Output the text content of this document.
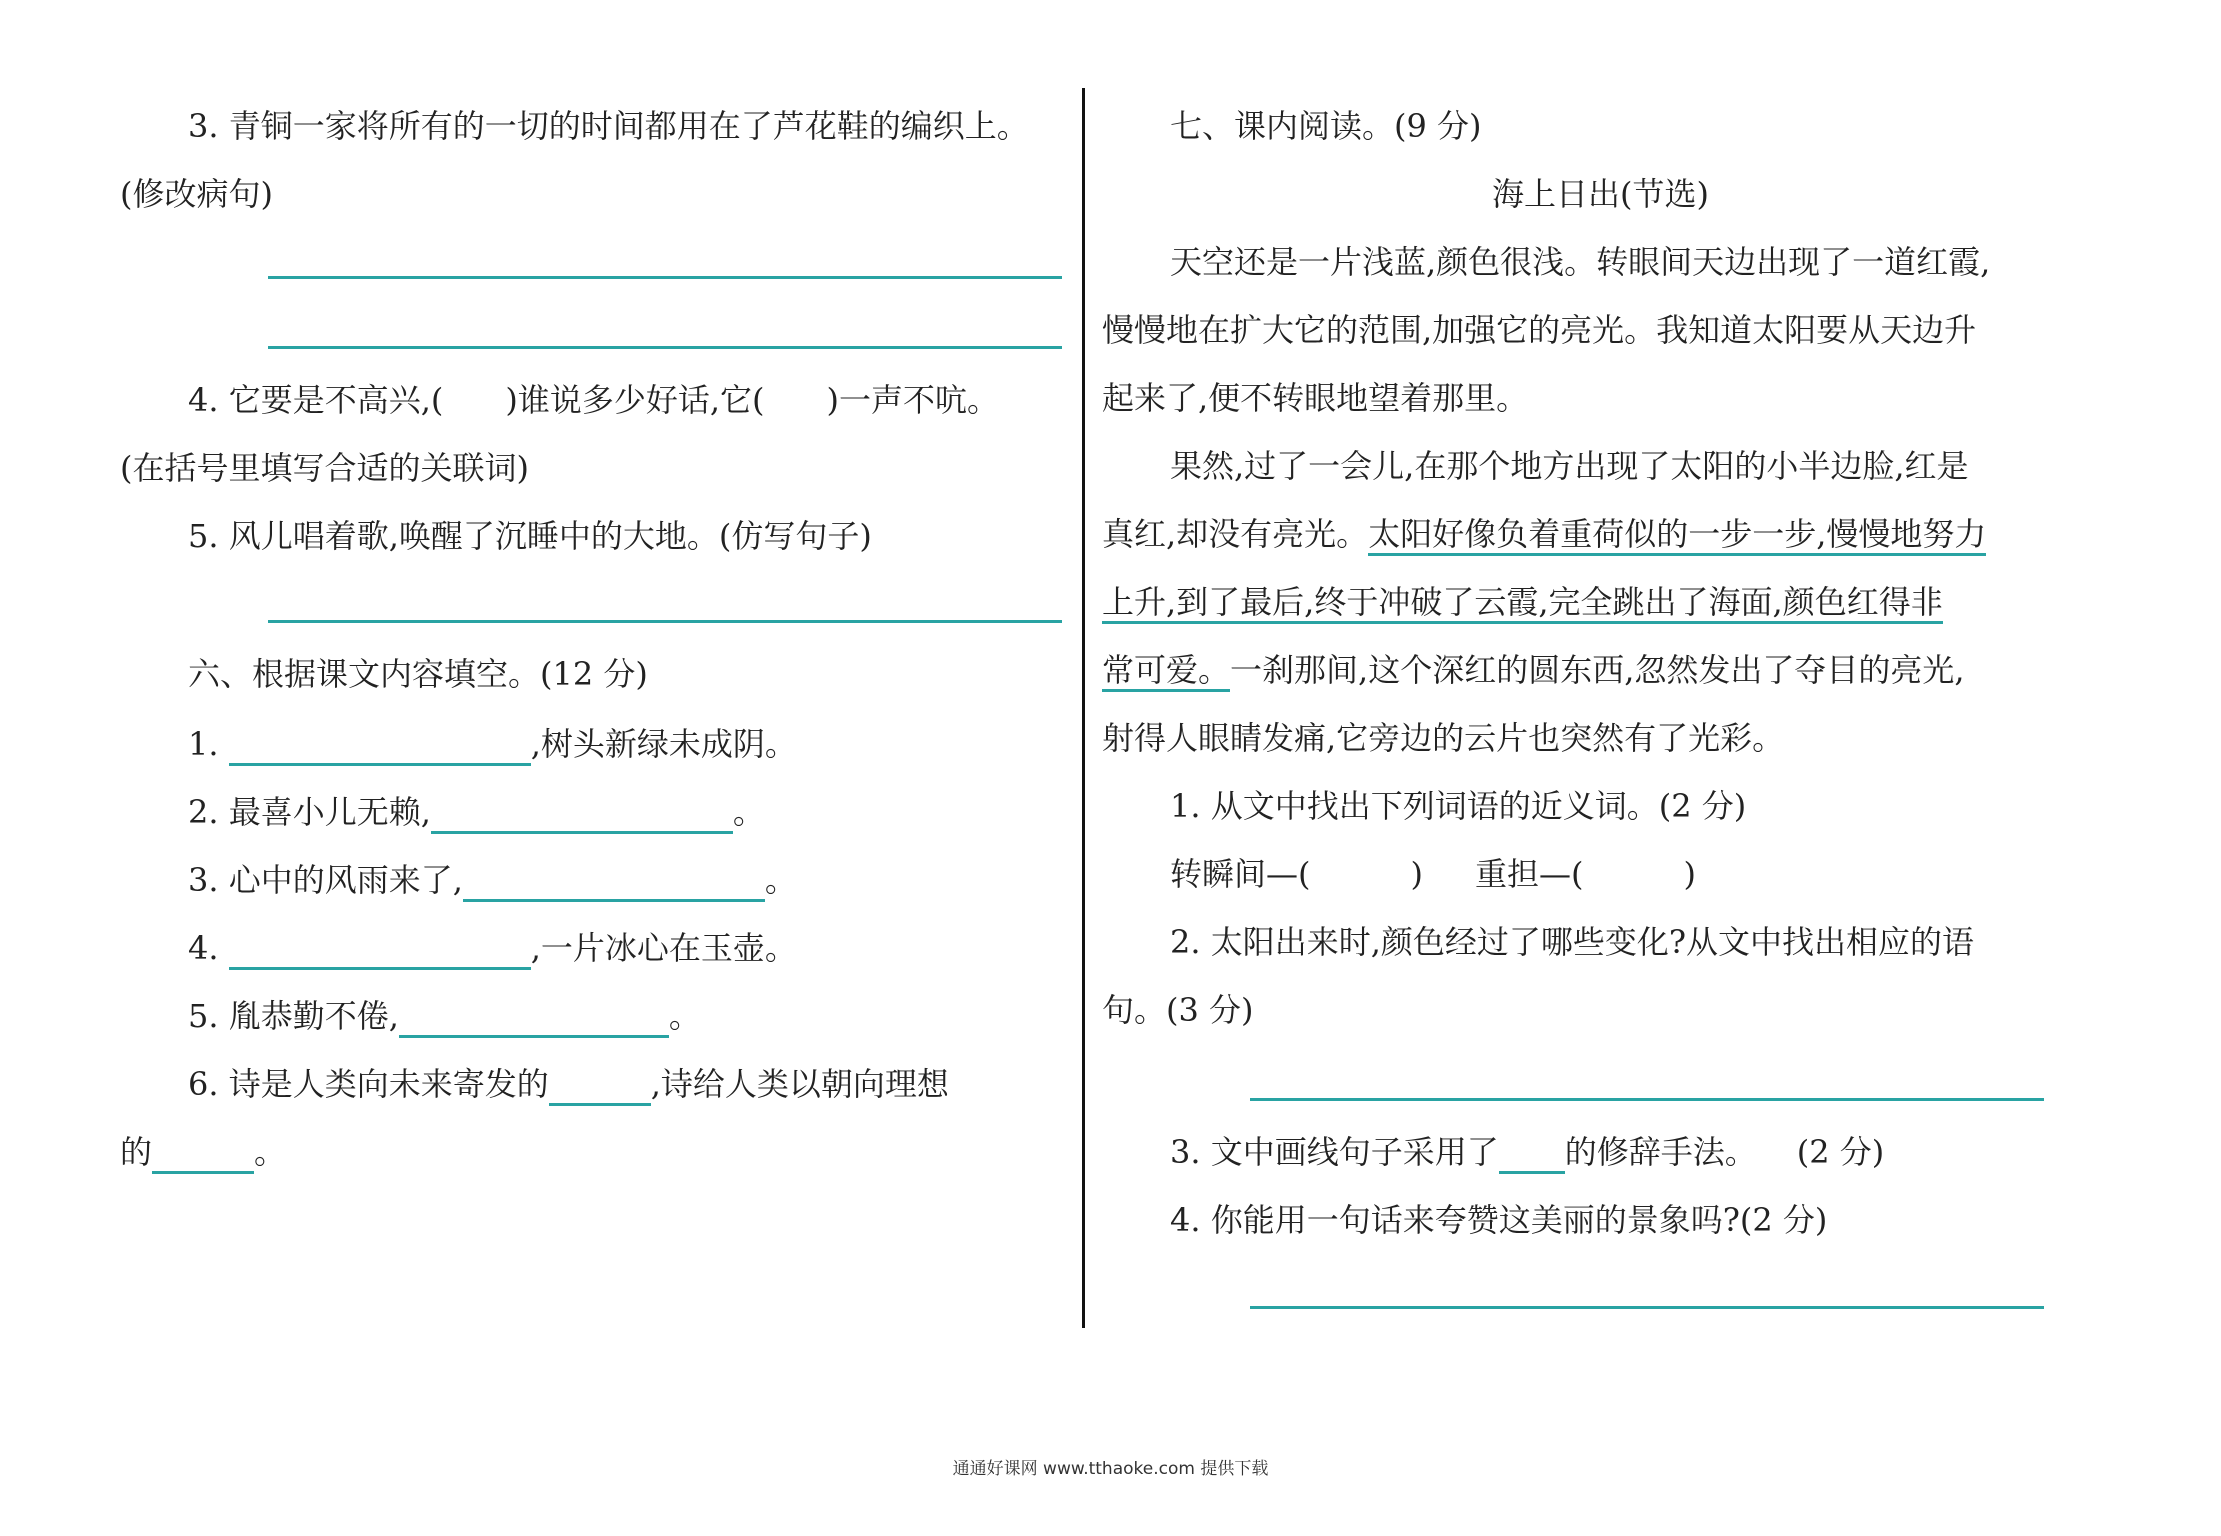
3. 青铜一家将所有的一切的时间都用在了芦花鞋的编织上。
(修改病句)
4. 它要是不高兴,( )谁说多少好话,它( )一声不吭。
(在括号里填写合适的关联词)
5. 风儿唱着歌,唤醒了沉睡中的大地。(仿写句子)
六、根据课文内容填空。(12 分)
1.	,树头新绿未成阴。
2. 最喜小儿无赖,	。
3. 心中的风雨来了,	。
4.	,一片冰心在玉壶。
5. 胤恭勤不倦,	。
6. 诗是人类向未来寄发的	,诗给人类以朝向理想
的	。
七、课内阅读。(9 分)
海上日出(节选)
天空还是一片浅蓝,颜色很浅。转眼间天边出现了一道红霞,
慢慢地在扩大它的范围,加强它的亮光。我知道太阳要从天边升
起来了,便不转眼地望着那里。
果然,过了一会儿,在那个地方出现了太阳的小半边脸,红是
真红,却没有亮光。太阳好像负着重荷似的一步一步,慢慢地努力
上升,到了最后,终于冲破了云霞,完全跳出了海面,颜色红得非
常可爱。一刹那间,这个深红的圆东西,忽然发出了夺目的亮光,
射得人眼睛发痛,它旁边的云片也突然有了光彩。
1. 从文中找出下列词语的近义词。(2 分)
转瞬间—(	) 重担—(	)
2. 太阳出来时,颜色经过了哪些变化?从文中找出相应的语
句。(3 分)
3. 文中画线句子采用了 的修辞手法。 (2 分)
4. 你能用一句话来夸赞这美丽的景象吗?(2 分)
通通好课网 www.tthaoke.com 提供下载
